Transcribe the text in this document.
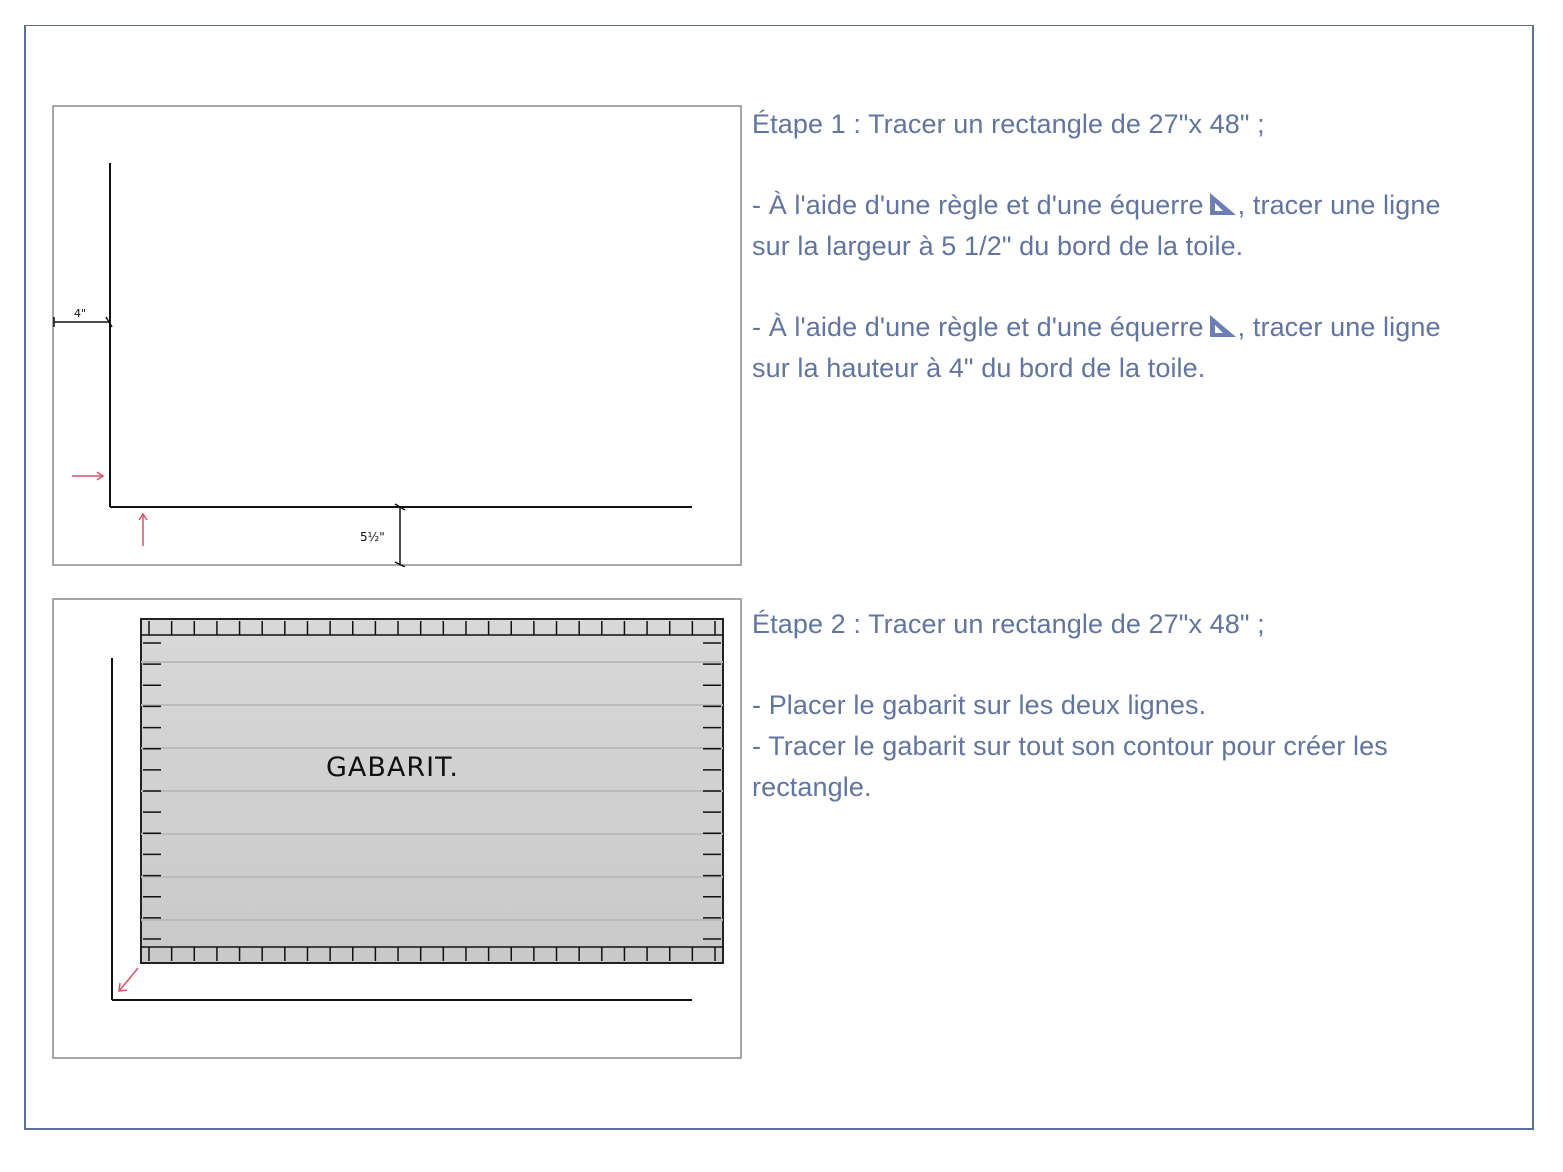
4"
5½"

Étape 1 : Tracer un rectangle de 27"x 48" ;

- À l'aide d'une règle et d'une équerre , tracer une ligne

sur la largeur à 5 1/2" du bord de la toile.

- À l'aide d'une règle et d'une équerre , tracer une ligne

sur la hauteur à 4" du bord de la toile.

GABARIT.

Étape 2 : Tracer un rectangle de 27"x 48" ;

- Placer le gabarit sur les deux lignes.

- Tracer le gabarit sur tout son contour pour créer les

rectangle.
